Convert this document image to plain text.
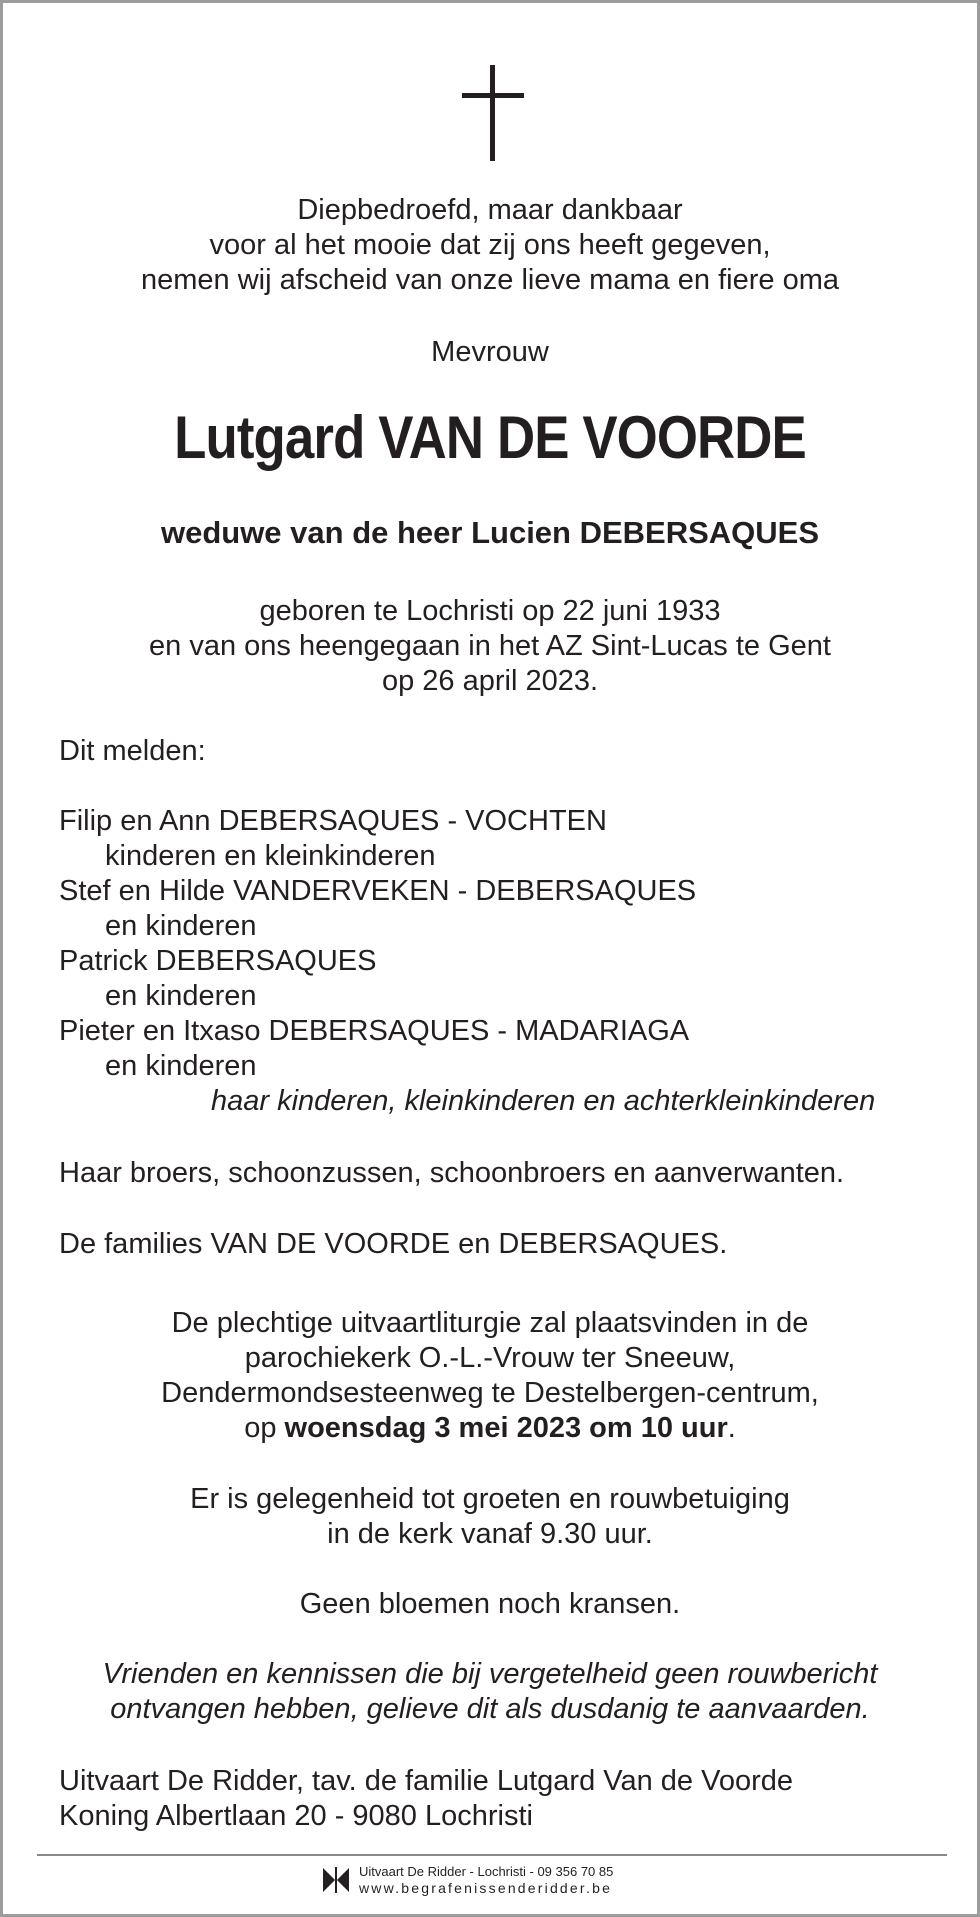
Diepbedroefd, maar dankbaar
voor al het mooie dat zij ons heeft gegeven,
nemen wij afscheid van onze lieve mama en fiere oma
Mevrouw
Lutgard VAN DE VOORDE
weduwe van de heer Lucien DEBERSAQUES
geboren te Lochristi op 22 juni 1933
en van ons heengegaan in het AZ Sint-Lucas te Gent
op 26 april 2023.
Dit melden:
Filip en Ann DEBERSAQUES - VOCHTEN
kinderen en kleinkinderen
Stef en Hilde VANDERVEKEN - DEBERSAQUES
en kinderen
Patrick DEBERSAQUES
en kinderen
Pieter en Itxaso DEBERSAQUES - MADARIAGA
en kinderen
haar kinderen, kleinkinderen en achterkleinkinderen
Haar broers, schoonzussen, schoonbroers en aanverwanten.
De families VAN DE VOORDE en DEBERSAQUES.
De plechtige uitvaartliturgie zal plaatsvinden in de
parochiekerk O.-L.-Vrouw ter Sneeuw,
Dendermondsesteenweg te Destelbergen-centrum,
op woensdag 3 mei 2023 om 10 uur.
Er is gelegenheid tot groeten en rouwbetuiging
in de kerk vanaf 9.30 uur.
Geen bloemen noch kransen.
Vrienden en kennissen die bij vergetelheid geen rouwbericht
ontvangen hebben, gelieve dit als dusdanig te aanvaarden.
Uitvaart De Ridder, tav. de familie Lutgard Van de Voorde
Koning Albertlaan 20 - 9080 Lochristi
Uitvaart De Ridder - Lochristi - 09 356 70 85
www.begrafenissenderidder.be
